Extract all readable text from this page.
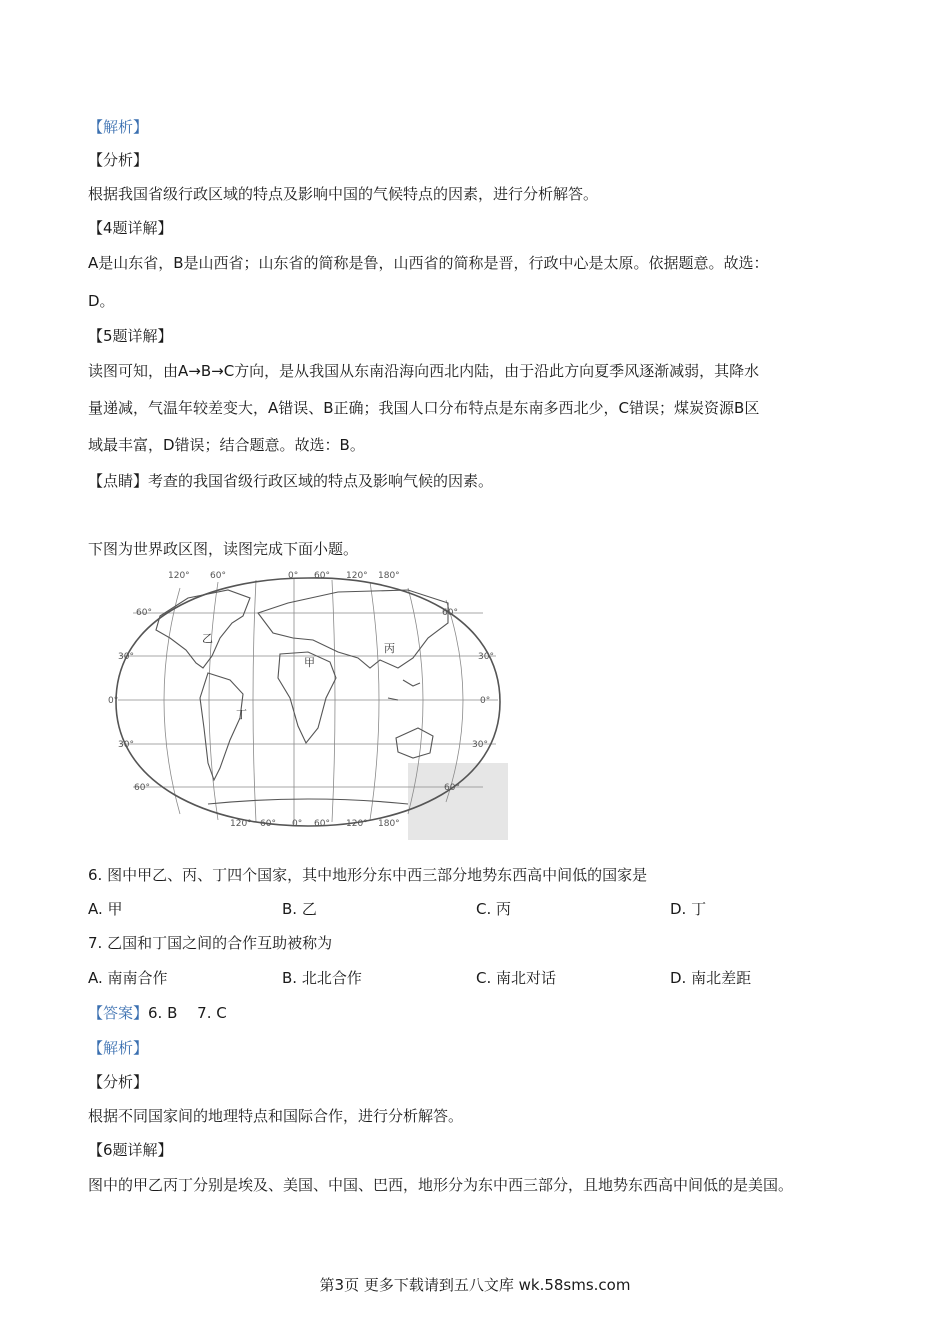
【解析】
【分析】
根据我国省级行政区域的特点及影响中国的气候特点的因素，进行分析解答。
【4题详解】
A是山东省，B是山西省；山东省的简称是鲁，山西省的简称是晋，行政中心是太原。依据题意。故选：
D。
【5题详解】
读图可知，由A→B→C方向，是从我国从东南沿海向西北内陆，由于沿此方向夏季风逐渐减弱，其降水
量递减，气温年较差变大，A错误、B正确；我国人口分布特点是东南多西北少，C错误；煤炭资源B区
域最丰富，D错误；结合题意。故选：B。
【点睛】考查的我国省级行政区域的特点及影响气候的因素。
下图为世界政区图，读图完成下面小题。
120° 60°	0° 60° 120° 180°
120° 60° 0° 60° 120° 180°
60°
30°
0°
30°
60°
60°
30°
0°
30°
60°
乙
甲
丙
丁
6. 图中甲乙、丙、丁四个国家，其中地形分东中西三部分地势东西高中间低的国家是
A. 甲	B. 乙	C. 丙	D. 丁
7. 乙国和丁国之间的合作互助被称为
A. 南南合作	B. 北北合作	C. 南北对话	D. 南北差距
【答案】6. B　 7. C
【解析】
【分析】
根据不同国家间的地理特点和国际合作，进行分析解答。
【6题详解】
图中的甲乙丙丁分别是埃及、美国、中国、巴西，地形分为东中西三部分，且地势东西高中间低的是美国。
第3页 更多下载请到五八文库 wk.58sms.com
